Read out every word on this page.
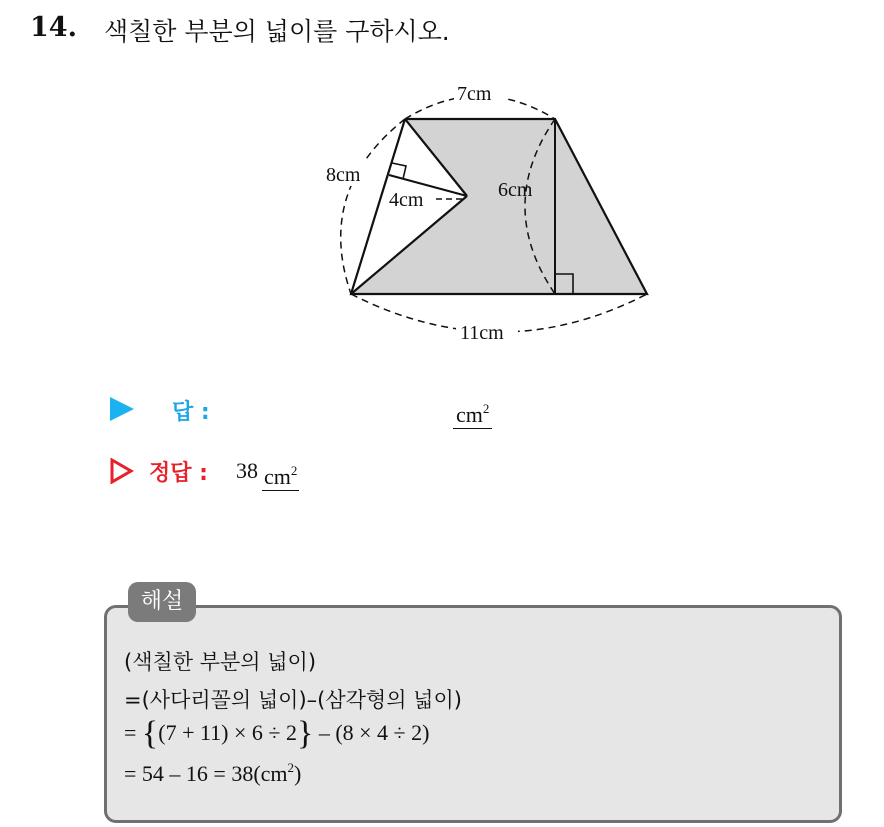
14. 색칠한 부분의 넓이를 구하시오.
7cm
8cm
6cm
4cm
11cm
답 :	$cm^2$
정답 : 38 $cm^2$
해설
(색칠한 부분의 넓이)
=(사다리꼴의 넓이)–(삼각형의 넓이)
= {(7 + 11) × 6 ÷ 2} – (8 × 4 ÷ 2)
= $54 - 16 = 38(cm^2)$
